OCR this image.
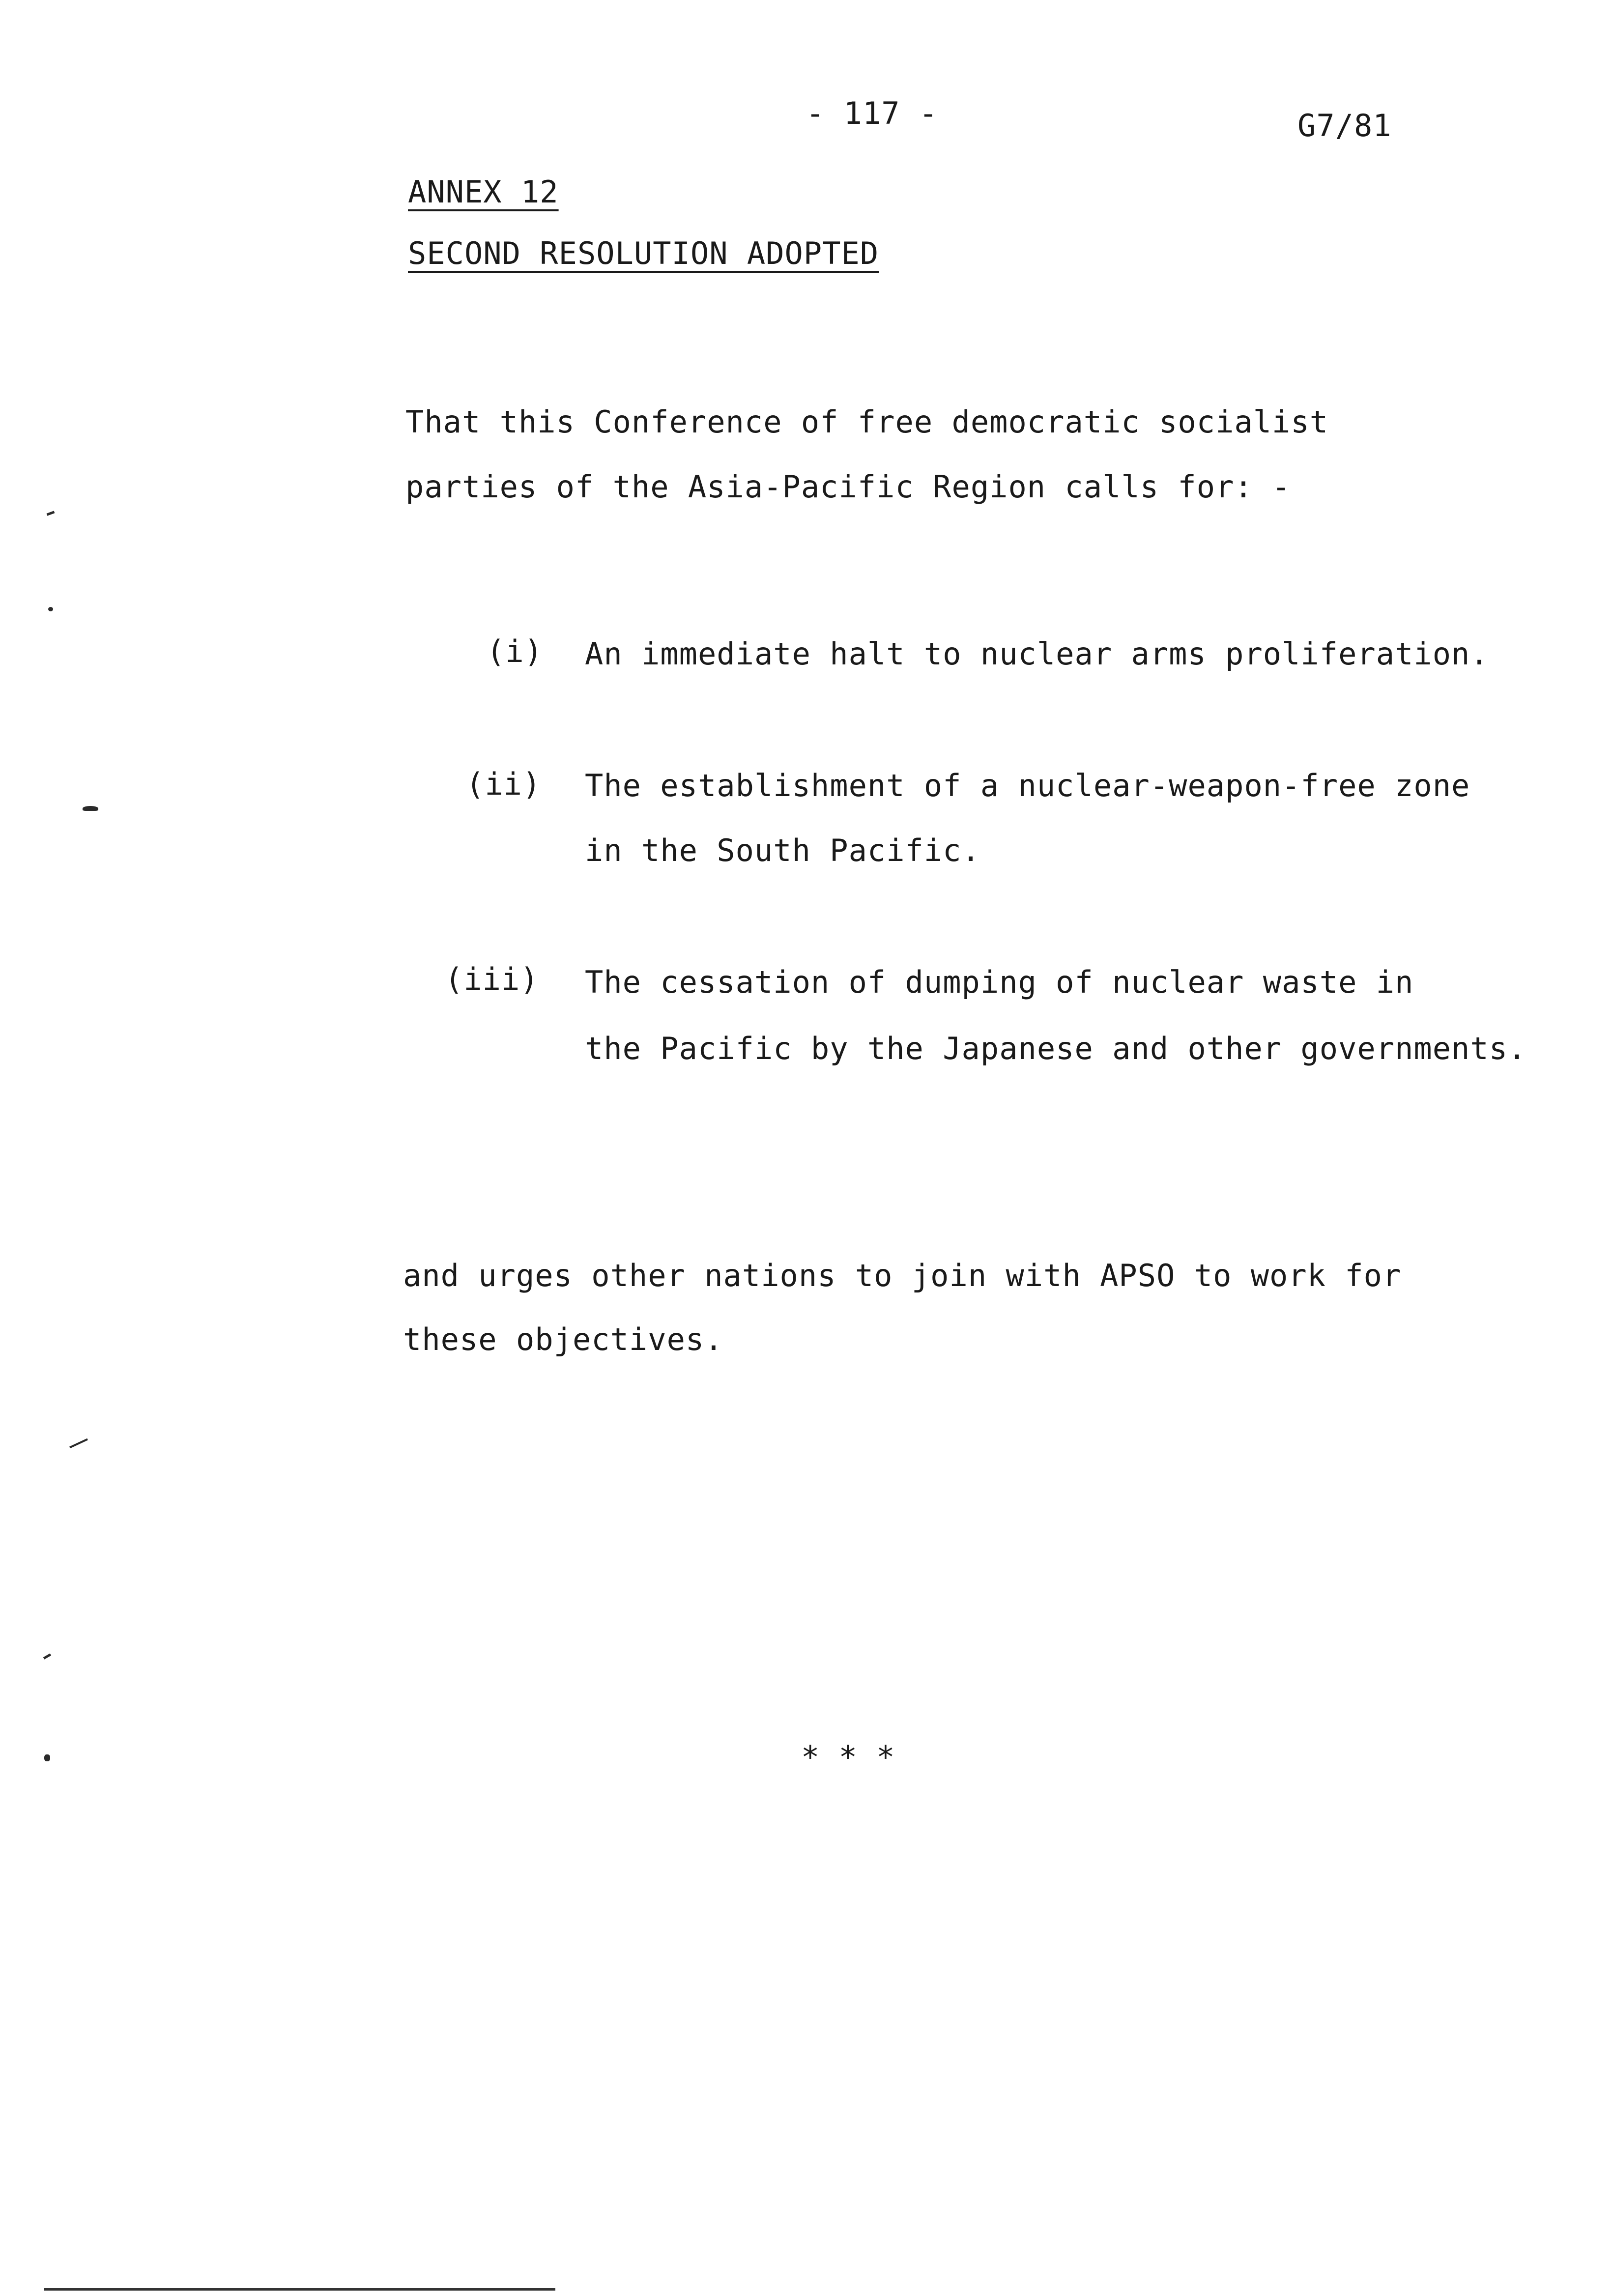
- 117 -	G7/81
ANNEX 12
SECOND RESOLUTION ADOPTED
That this Conference of free democratic socialist
parties of the Asia-Pacific Region calls for: -
(i) An immediate halt to nuclear arms proliferation.
(ii) The establishment of a nuclear-weapon-free zone
in the South Pacific.
(iii) The cessation of dumping of nuclear waste in
the Pacific by the Japanese and other governments.
and urges other nations to join with APSO to work for
these objectives.
* * *
